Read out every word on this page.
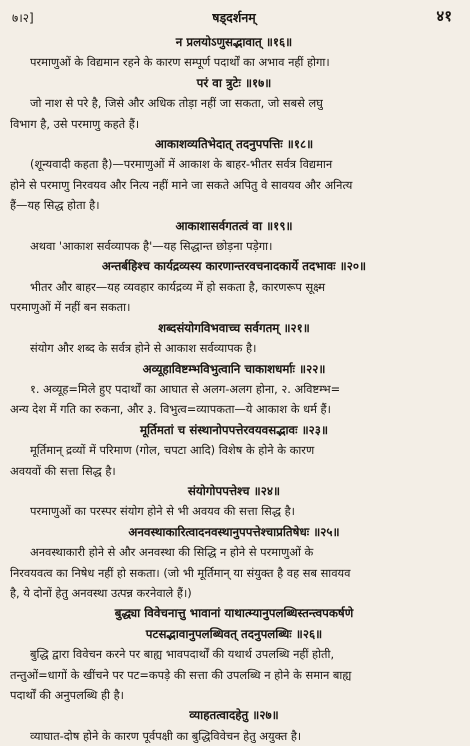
७।२]	षड्दर्शनम्	४१
न प्रलयोऽणुसद्भावात् ॥१६॥
परमाणुओं के विद्यमान रहने के कारण सम्पूर्ण पदार्थों का अभाव नहीं होगा।
परं वा त्रुटेः ॥१७॥
जो नाश से परे है, जिसे और अधिक तोड़ा नहीं जा सकता, जो सबसे लघु
विभाग है, उसे परमाणु कहते हैं।
आकाशव्यतिभेदात् तदनुपपत्तिः ॥१८॥
(शून्यवादी कहता है)—परमाणुओं में आकाश के बाहर-भीतर सर्वत्र विद्यमान
होने से परमाणु निरवयव और नित्य नहीं माने जा सकते अपितु वे सावयव और अनित्य
हैं—यह सिद्ध होता है।
आकाशासर्वगतत्वं वा ॥१९॥
अथवा 'आकाश सर्वव्यापक है'—यह सिद्धान्त छोड़ना पड़ेगा।
अन्तर्बहिश्च कार्यद्रव्यस्य कारणान्तरवचनादकार्ये तदभावः ॥२०॥
भीतर और बाहर—यह व्यवहार कार्यद्रव्य में हो सकता है, कारणरूप सूक्ष्म
परमाणुओं में नहीं बन सकता।
शब्दसंयोगविभवाच्च सर्वगतम् ॥२१॥
संयोग और शब्द के सर्वत्र होने से आकाश सर्वव्यापक है।
अव्यूहाविष्टम्भविभुत्वानि चाकाशधर्माः ॥२२॥
१. अव्यूह=मिले हुए पदार्थों का आघात से अलग-अलग होना, २. अविष्टम्भ=
अन्य देश में गति का रुकना, और ३. विभुत्व=व्यापकता—ये आकाश के धर्म हैं।
मूर्तिमतां च संस्थानोपपत्तेरवयवसद्भावः ॥२३॥
मूर्तिमान् द्रव्यों में परिमाण (गोल, चपटा आदि) विशेष के होने के कारण
अवयवों की सत्ता सिद्ध है।
संयोगोपपत्तेश्च ॥२४॥
परमाणुओं का परस्पर संयोग होने से भी अवयव की सत्ता सिद्ध है।
अनवस्थाकारित्वादनवस्थानुपपत्तेश्चाप्रतिषेधः ॥२५॥
अनवस्थाकारी होने से और अनवस्था की सिद्धि न होने से परमाणुओं के
निरवयवत्व का निषेध नहीं हो सकता। (जो भी मूर्तिमान् या संयुक्त है वह सब सावयव
है, ये दोनों हेतु अनवस्था उत्पन्न करनेवाले हैं।)
बुद्ध्या विवेचनात्तु भावानां याथात्म्यानुपलब्धिस्तन्त्वपकर्षणे
पटसद्भावानुपलब्धिवत् तदनुपलब्धिः ॥२६॥
बुद्धि द्वारा विवेचन करने पर बाह्य भावपदार्थों की यथार्थ उपलब्धि नहीं होती,
तन्तुओं=धागों के खींचने पर पट=कपड़े की सत्ता की उपलब्धि न होने के समान बाह्य
पदार्थों की अनुपलब्धि ही है।
व्याहतत्वादहेतु ॥२७॥
व्याघात-दोष होने के कारण पूर्वपक्षी का बुद्धिविवेचन हेतु अयुक्त है।
